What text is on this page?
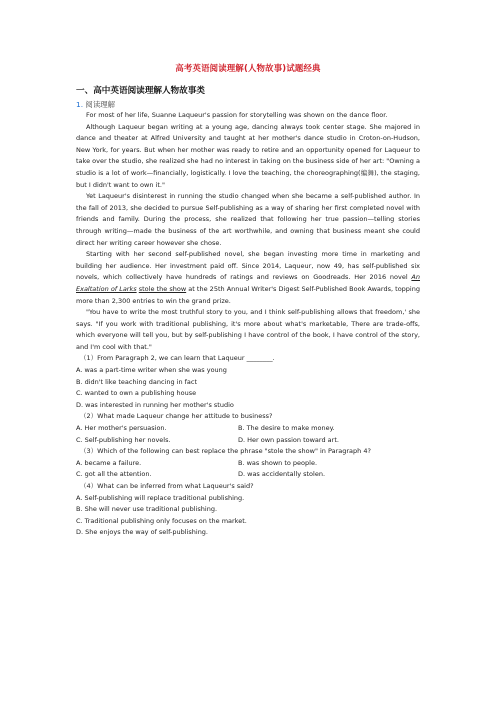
高考英语阅读理解(人物故事)试题经典
一、高中英语阅读理解人物故事类
1. 阅读理解

For most of her life, Suanne Laqueur's passion for storytelling was shown on the dance floor.

Although Laqueur began writing at a young age, dancing always took center stage. She majored in dance and theater at Alfred University and taught at her mother's dance studio in Croton-on-Hudson, New York, for years. But when her mother was ready to retire and an opportunity opened for Laqueur to take over the studio, she realized she had no interest in taking on the business side of her art: "Owning a studio is a lot of work—financially, logistically. I love the teaching, the choreographing(编舞), the staging, but I didn't want to own it."

Yet Laqueur's disinterest in running the studio changed when she became a self-published author. In the fall of 2013, she decided to pursue Self-publishing as a way of sharing her first completed novel with friends and family. During the process, she realized that following her true passion—telling stories through writing—made the business of the art worthwhile, and owning that business meant she could direct her writing career however she chose.

Starting with her second self-published novel, she began investing more time in marketing and building her audience. Her investment paid off. Since 2014, Laqueur, now 49, has self-published six novels, which collectively have hundreds of ratings and reviews on Goodreads. Her 2016 novel An Exaltation of Larks stole the show at the 25th Annual Writer's Digest Self-Published Book Awards, topping more than 2,300 entries to win the grand prize.

"You have to write the most truthful story to you, and I think self-publishing allows that freedom,' she says. "If you work with traditional publishing, it's more about what's marketable, There are trade-offs, which everyone will tell you, but by self-publishing I have control of the book, I have control of the story, and I'm cool with that."

（1）From Paragraph 2, we can learn that Laqueur ________.

A. was a part-time writer when she was young

B. didn't like teaching dancing in fact

C. wanted to own a publishing house

D. was interested in running her mother's studio

（2）What made Laqueur change her attitude to business?

A. Her mother's persuasion.	B. The desire to make money.
C. Self-publishing her novels.	D. Her own passion toward art.

（3）Which of the following can best replace the phrase "stole the show" in Paragraph 4?

A. became a failure.	B. was shown to people.
C. got all the attention.	D. was accidentally stolen.

（4）What can be inferred from what Laqueur's said?

A. Self-publishing will replace traditional publishing.

B. She will never use traditional publishing.

C. Traditional publishing only focuses on the market.

D. She enjoys the way of self-publishing.
